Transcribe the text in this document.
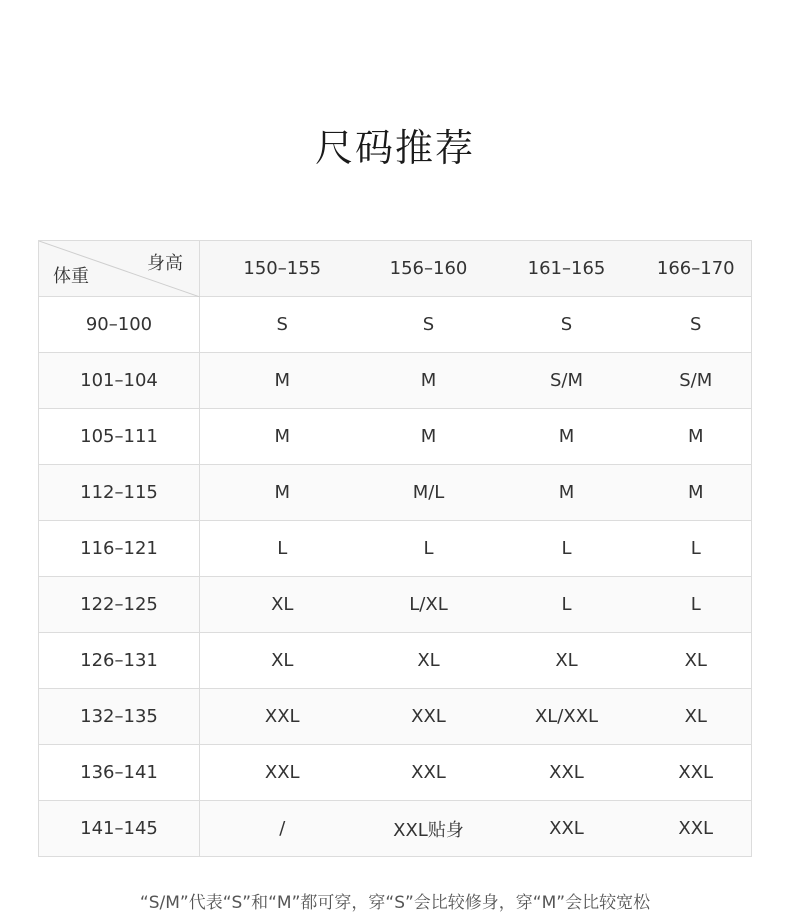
尺码推荐
身高
体重	150–155	156–160	161–165	166–170
90–100	S	S	S	S
101–104	M	M	S/M	S/M
105–111	M	M	M	M
112–115	M	M/L	M	M
116–121	L	L	L	L
122–125	XL	L/XL	L	L
126–131	XL	XL	XL	XL
132–135	XXL	XXL	XL/XXL	XL
136–141	XXL	XXL	XXL	XXL
141–145	/	XXL贴身	XXL	XXL
“S/M”代表“S”和“M”都可穿，穿“S”会比较修身，穿“M”会比较宽松
